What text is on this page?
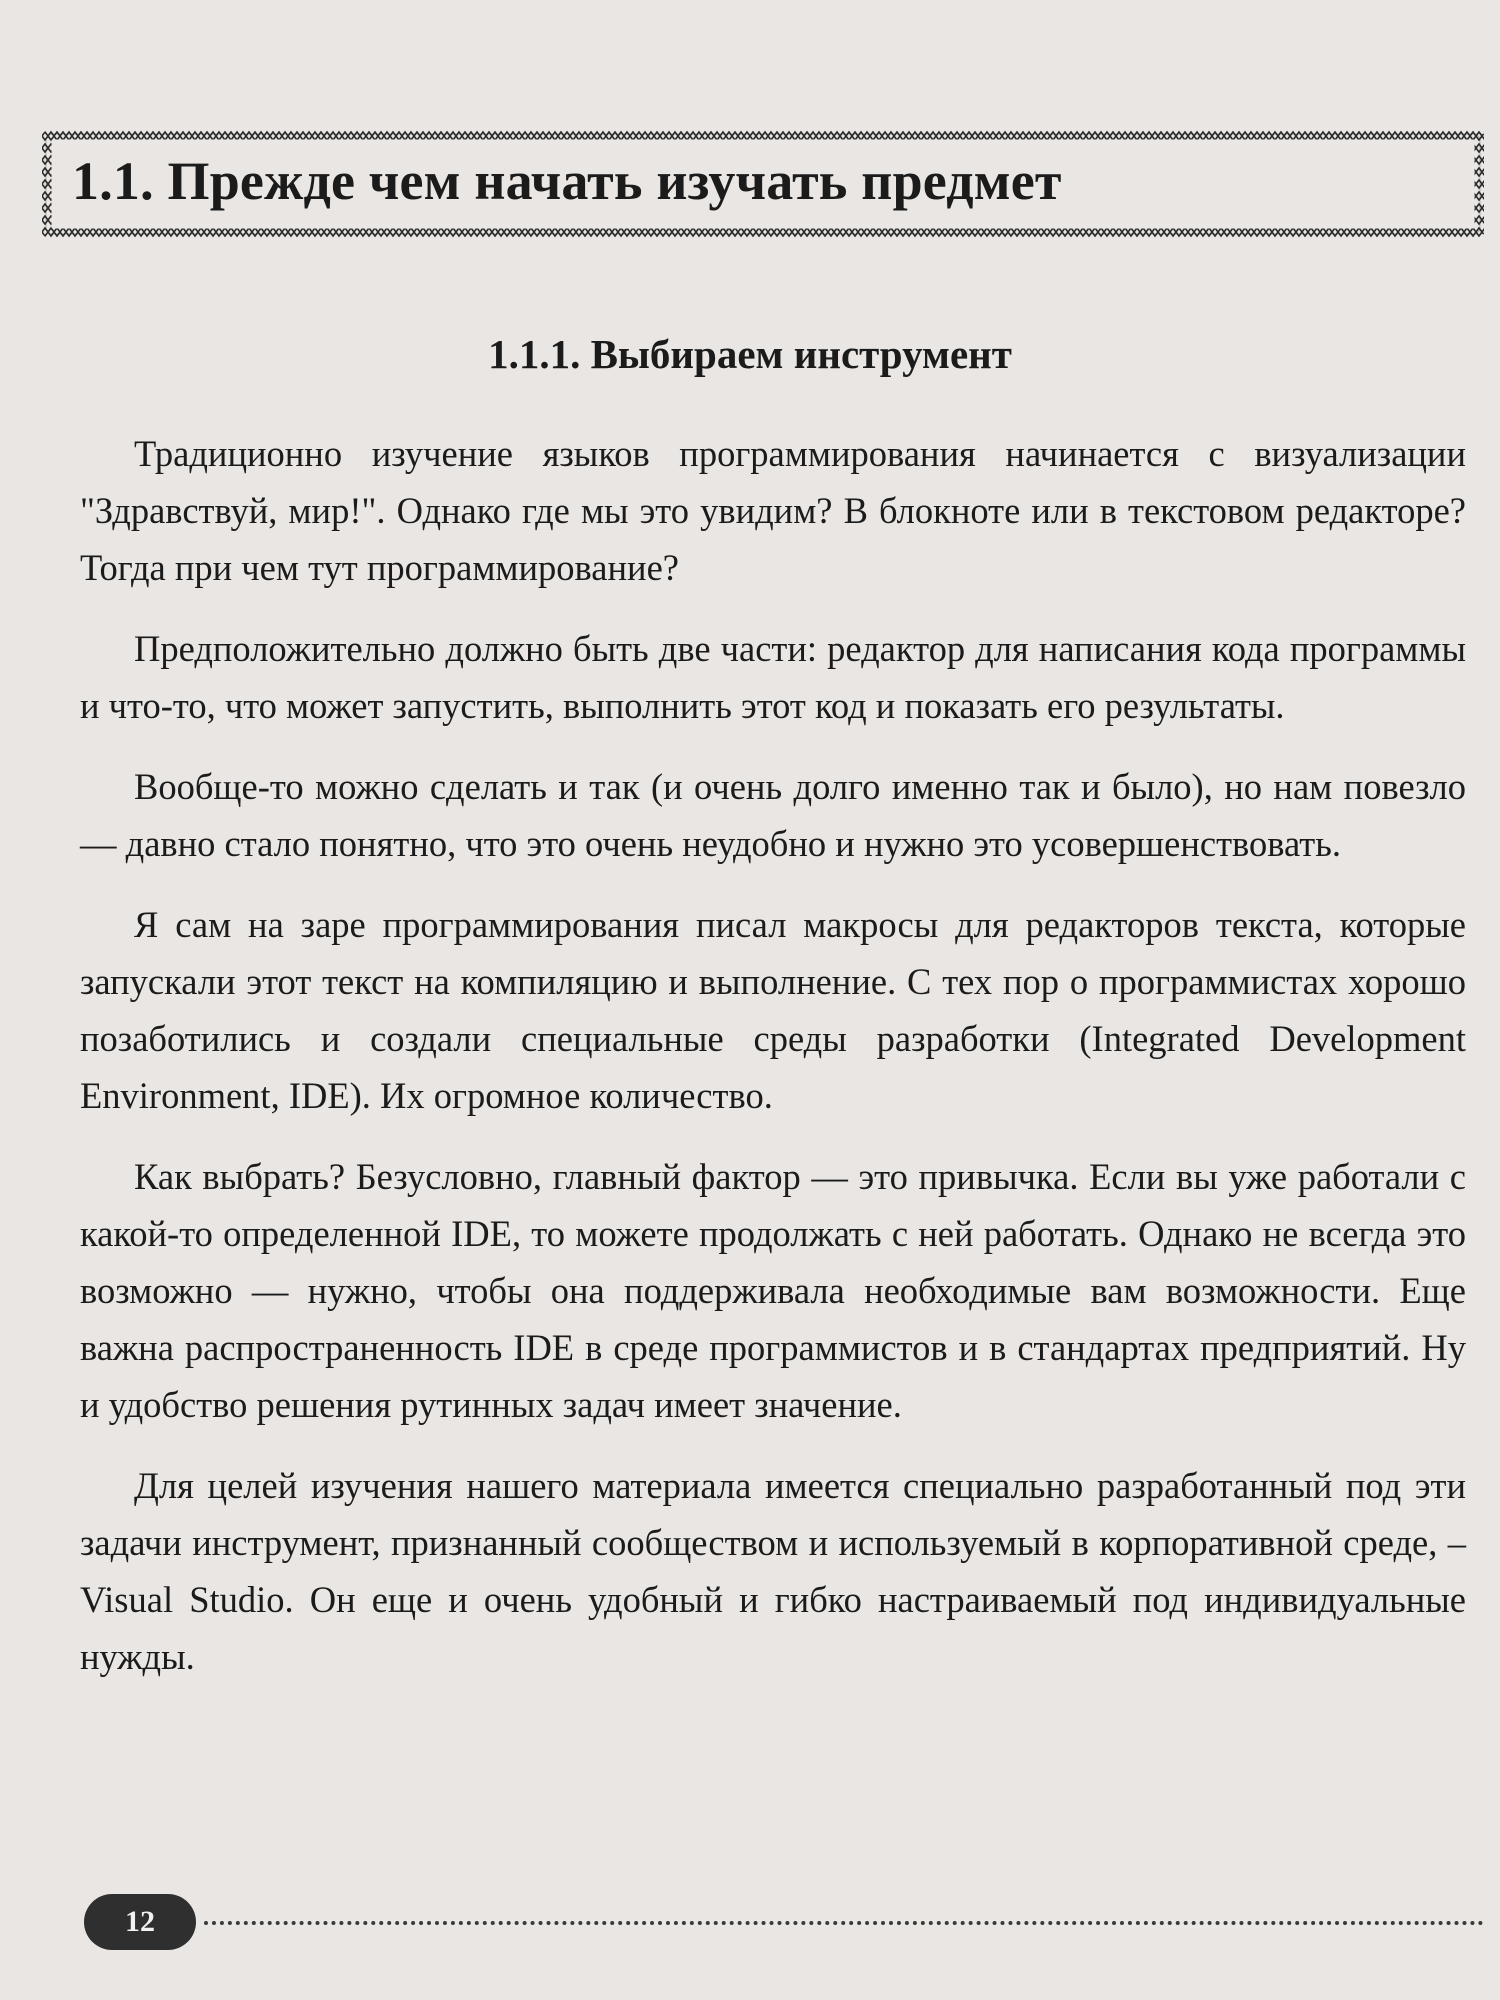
1.1. Прежде чем начать изучать предмет
1.1.1. Выбираем инструмент

Традиционно изучение языков программирования начинается с визуализации "Здравствуй, мир!". Однако где мы это увидим? В блокноте или в текстовом редакторе? Тогда при чем тут программирование?

Предположительно должно быть две части: редактор для написания кода программы и что-то, что может запустить, выполнить этот код и показать его результаты.

Вообще-то можно сделать и так (и очень долго именно так и было), но нам повезло — давно стало понятно, что это очень неудобно и нужно это усовершенствовать.

Я сам на заре программирования писал макросы для редакторов текста, которые запускали этот текст на компиляцию и выполнение. С тех пор о программистах хорошо позаботились и создали специальные среды разработки (Integrated Development Environment, IDE). Их огромное количество.

Как выбрать? Безусловно, главный фактор — это привычка. Если вы уже работали с какой-то определенной IDE, то можете продолжать с ней работать. Однако не всегда это возможно — нужно, чтобы она поддерживала необходимые вам возможности. Еще важна распространенность IDE в среде программистов и в стандартах предприятий. Ну и удобство решения рутинных задач имеет значение.

Для целей изучения нашего материала имеется специально разработанный под эти задачи инструмент, признанный сообществом и используемый в корпоративной среде, – Visual Studio. Он еще и очень удобный и гибко настраиваемый под индивидуальные нужды.

12
